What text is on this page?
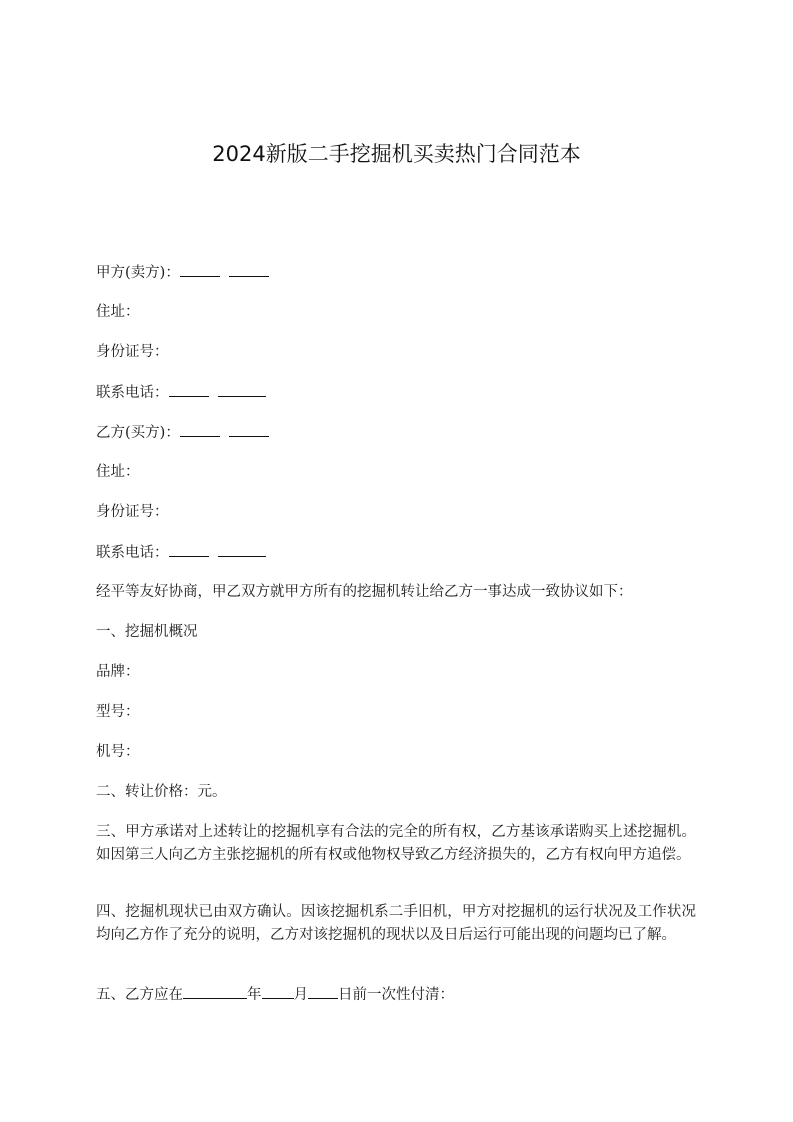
2024新版二手挖掘机买卖热门合同范本
甲方(卖方)：
住址：
身份证号：
联系电话：
乙方(买方)：
住址：
身份证号：
联系电话：
经平等友好协商，甲乙双方就甲方所有的挖掘机转让给乙方一事达成一致协议如下：
一、挖掘机概况
品牌：
型号：
机号：
二、转让价格：元。
三、甲方承诺对上述转让的挖掘机享有合法的完全的所有权，乙方基该承诺购买上述挖掘机。如因第三人向乙方主张挖掘机的所有权或他物权导致乙方经济损失的，乙方有权向甲方追偿。
四、挖掘机现状已由双方确认。因该挖掘机系二手旧机，甲方对挖掘机的运行状况及工作状况均向乙方作了充分的说明，乙方对该挖掘机的现状以及日后运行可能出现的问题均已了解。
五、乙方应在	年 月 日前一次性付清：
